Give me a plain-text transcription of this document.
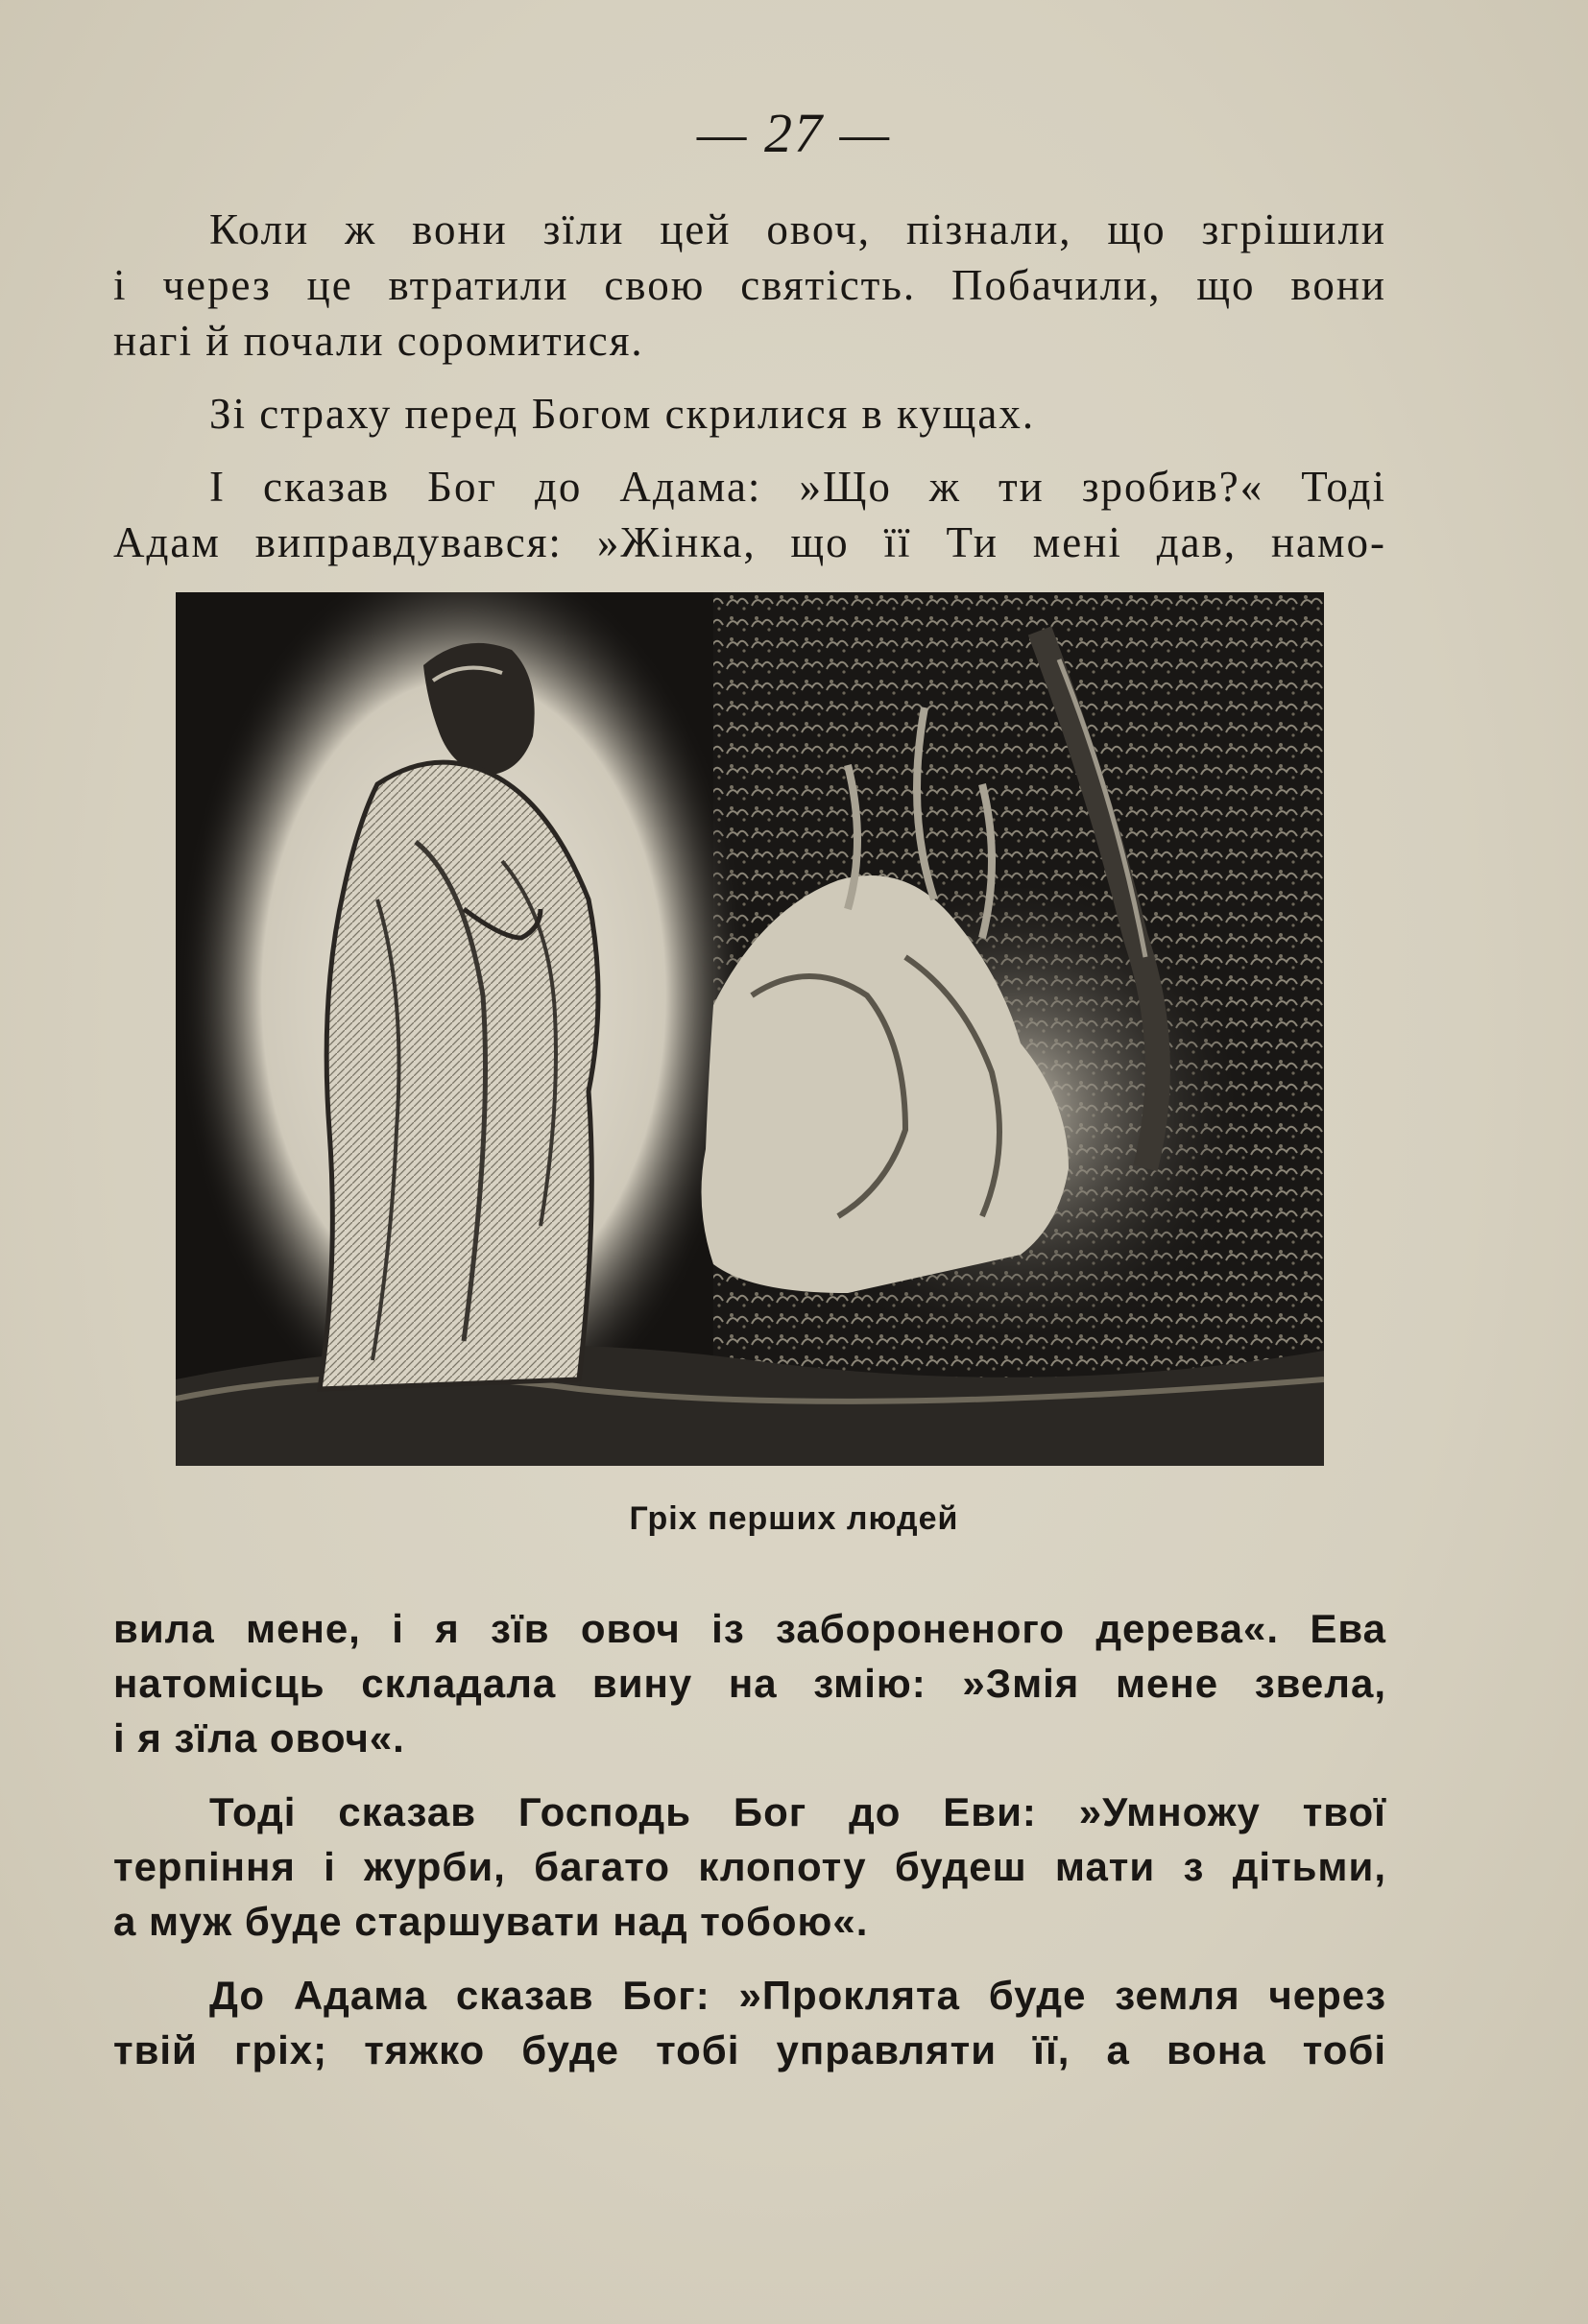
— 27 —

Коли ж вони зїли цей овоч, пізнали, що згрішили
і через це втратили свою святість. Побачили, що вони
нагі й почали соромитися.

Зі страху перед Богом скрилися в кущах.

І сказав Бог до Адама: »Що ж ти зробив?« Тоді
Адам виправдувався: »Жінка, що її Ти мені дав, намо-

Гріх перших людей

вила мене, і я зїв овоч із забороненого дерева«. Ева
натомісць складала вину на змію: »Змія мене звела,
і я зїла овоч«.

Тоді сказав Господь Бог до Еви: »Умножу твої
терпіння і журби, багато клопоту будеш мати з дітьми,
а муж буде старшувати над тобою«.

До Адама сказав Бог: »Проклята буде земля через
твій гріх; тяжко буде тобі управляти її, а вона тобі
